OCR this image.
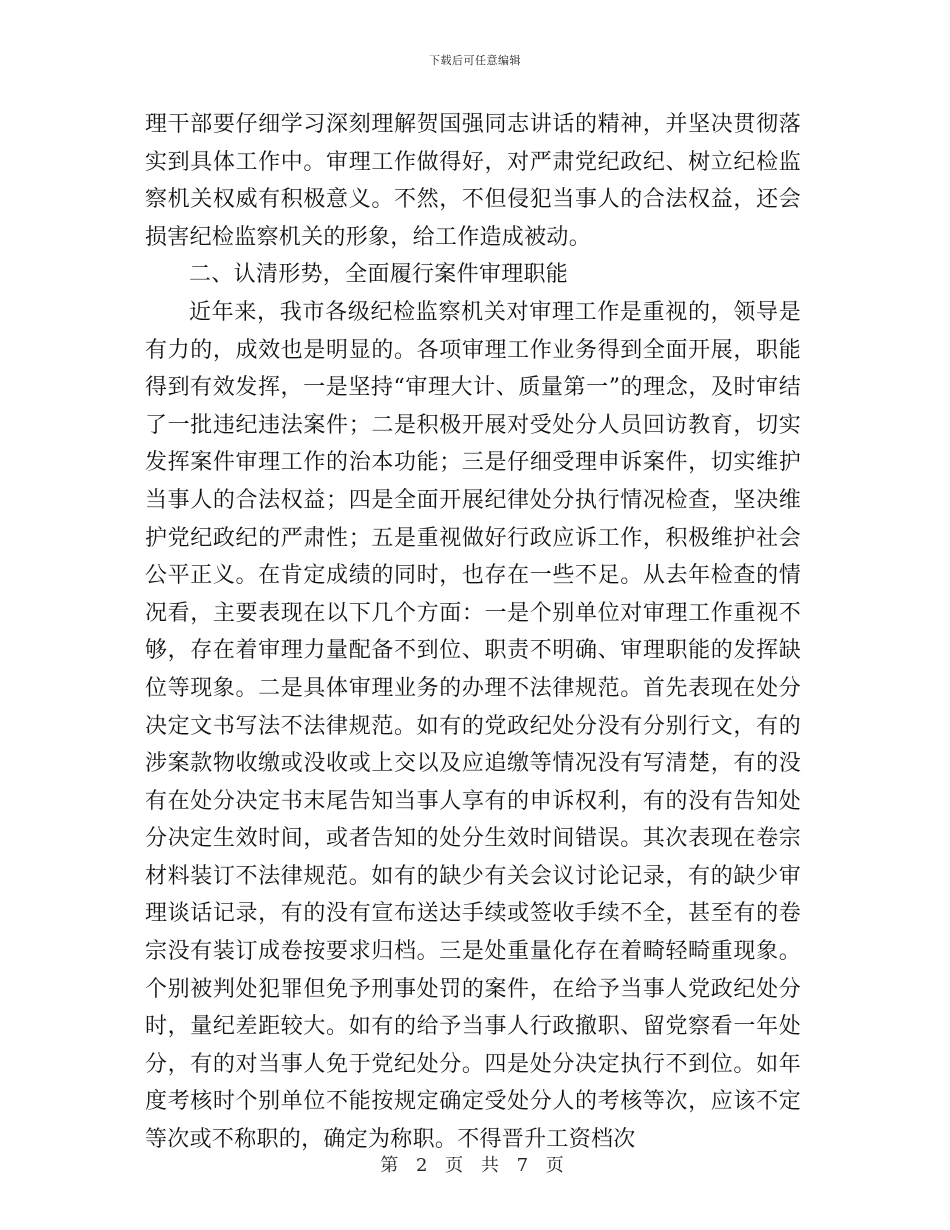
下载后可任意编辑

理干部要仔细学习深刻理解贺国强同志讲话的精神，并坚决贯彻落实到具体工作中。审理工作做得好，对严肃党纪政纪、树立纪检监察机关权威有积极意义。不然，不但侵犯当事人的合法权益，还会损害纪检监察机关的形象，给工作造成被动。

二、认清形势，全面履行案件审理职能

近年来，我市各级纪检监察机关对审理工作是重视的，领导是有力的，成效也是明显的。各项审理工作业务得到全面开展，职能得到有效发挥，一是坚持“审理大计、质量第一”的理念，及时审结了一批违纪违法案件；二是积极开展对受处分人员回访教育，切实发挥案件审理工作的治本功能；三是仔细受理申诉案件，切实维护当事人的合法权益；四是全面开展纪律处分执行情况检查，坚决维护党纪政纪的严肃性；五是重视做好行政应诉工作，积极维护社会公平正义。在肯定成绩的同时，也存在一些不足。从去年检查的情况看，主要表现在以下几个方面：一是个别单位对审理工作重视不够，存在着审理力量配备不到位、职责不明确、审理职能的发挥缺位等现象。二是具体审理业务的办理不法律规范。首先表现在处分决定文书写法不法律规范。如有的党政纪处分没有分别行文，有的涉案款物收缴或没收或上交以及应追缴等情况没有写清楚，有的没有在处分决定书末尾告知当事人享有的申诉权利，有的没有告知处分决定生效时间，或者告知的处分生效时间错误。其次表现在卷宗材料装订不法律规范。如有的缺少有关会议讨论记录，有的缺少审理谈话记录，有的没有宣布送达手续或签收手续不全，甚至有的卷宗没有装订成卷按要求归档。三是处重量化存在着畸轻畸重现象。个别被判处犯罪但免予刑事处罚的案件，在给予当事人党政纪处分时，量纪差距较大。如有的给予当事人行政撤职、留党察看一年处分，有的对当事人免于党纪处分。四是处分决定执行不到位。如年度考核时个别单位不能按规定确定受处分人的考核等次，应该不定等次或不称职的，确定为称职。不得晋升工资档次

第 2 页 共 7 页
